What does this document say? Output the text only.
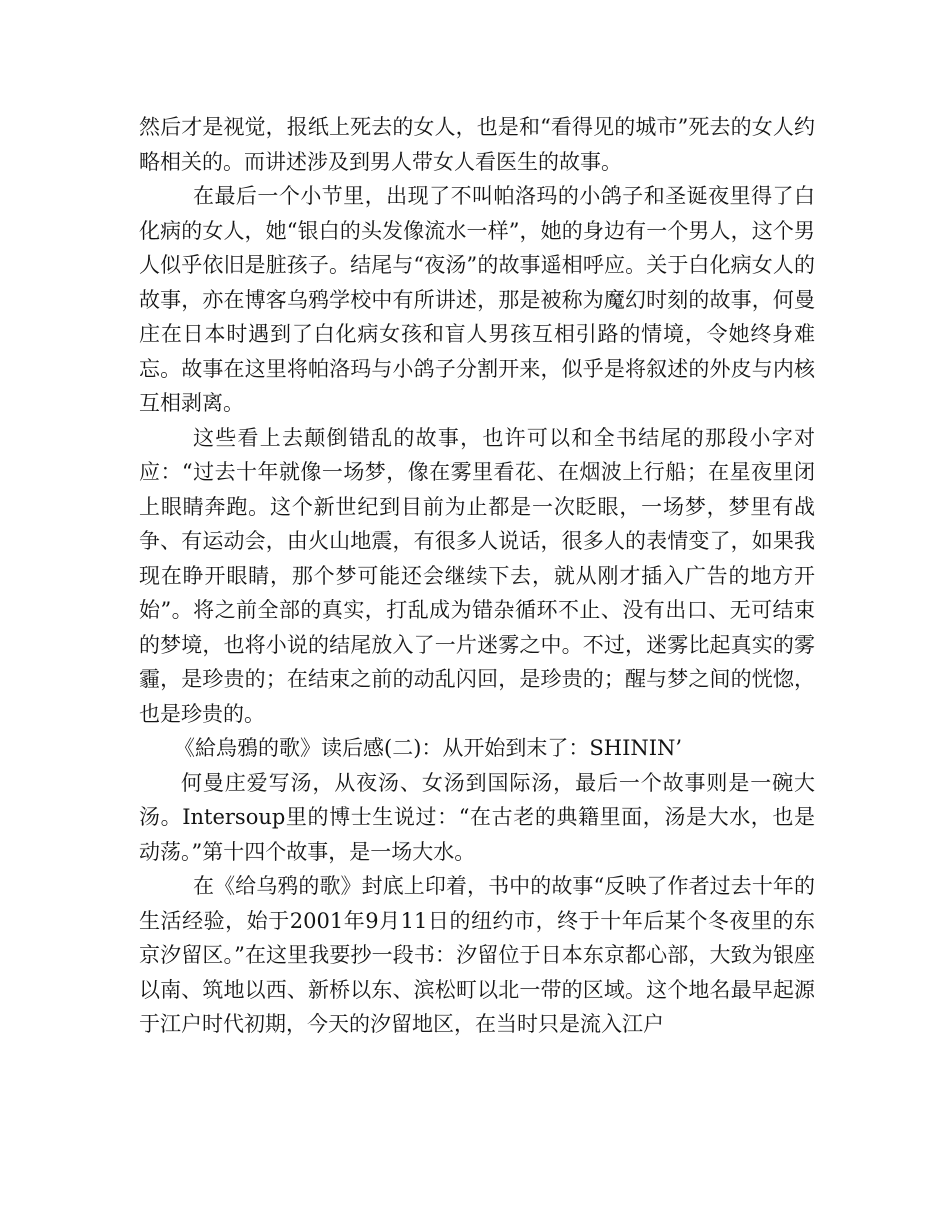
然后才是视觉，报纸上死去的女人，也是和“看得见的城市”死去的女人约略相关的。而讲述涉及到男人带女人看医生的故事。

在最后一个小节里，出现了不叫帕洛玛的小鸽子和圣诞夜里得了白化病的女人，她“银白的头发像流水一样”，她的身边有一个男人，这个男人似乎依旧是脏孩子。结尾与“夜汤”的故事遥相呼应。关于白化病女人的故事，亦在博客乌鸦学校中有所讲述，那是被称为魔幻时刻的故事，何曼庄在日本时遇到了白化病女孩和盲人男孩互相引路的情境，令她终身难忘。故事在这里将帕洛玛与小鸽子分割开来，似乎是将叙述的外皮与内核互相剥离。

这些看上去颠倒错乱的故事，也许可以和全书结尾的那段小字对应：“过去十年就像一场梦，像在雾里看花、在烟波上行船；在星夜里闭上眼睛奔跑。这个新世纪到目前为止都是一次眨眼，一场梦，梦里有战争、有运动会，由火山地震，有很多人说话，很多人的表情变了，如果我现在睁开眼睛，那个梦可能还会继续下去，就从刚才插入广告的地方开始”。将之前全部的真实，打乱成为错杂循环不止、没有出口、无可结束的梦境，也将小说的结尾放入了一片迷雾之中。不过，迷雾比起真实的雾霾，是珍贵的；在结束之前的动乱闪回，是珍贵的；醒与梦之间的恍惚，也是珍贵的。

《給烏鴉的歌》读后感(二)：从开始到末了：SHININ’

何曼庄爱写汤，从夜汤、女汤到国际汤，最后一个故事则是一碗大汤。Intersoup里的博士生说过：“在古老的典籍里面，汤是大水，也是动荡。”第十四个故事，是一场大水。

在《给乌鸦的歌》封底上印着，书中的故事“反映了作者过去十年的生活经验，始于2001年9月11日的纽约市，终于十年后某个冬夜里的东京汐留区。”在这里我要抄一段书：汐留位于日本东京都心部，大致为银座以南、筑地以西、新桥以东、滨松町以北一带的区域。这个地名最早起源于江户时代初期，今天的汐留地区，在当时只是流入江户
